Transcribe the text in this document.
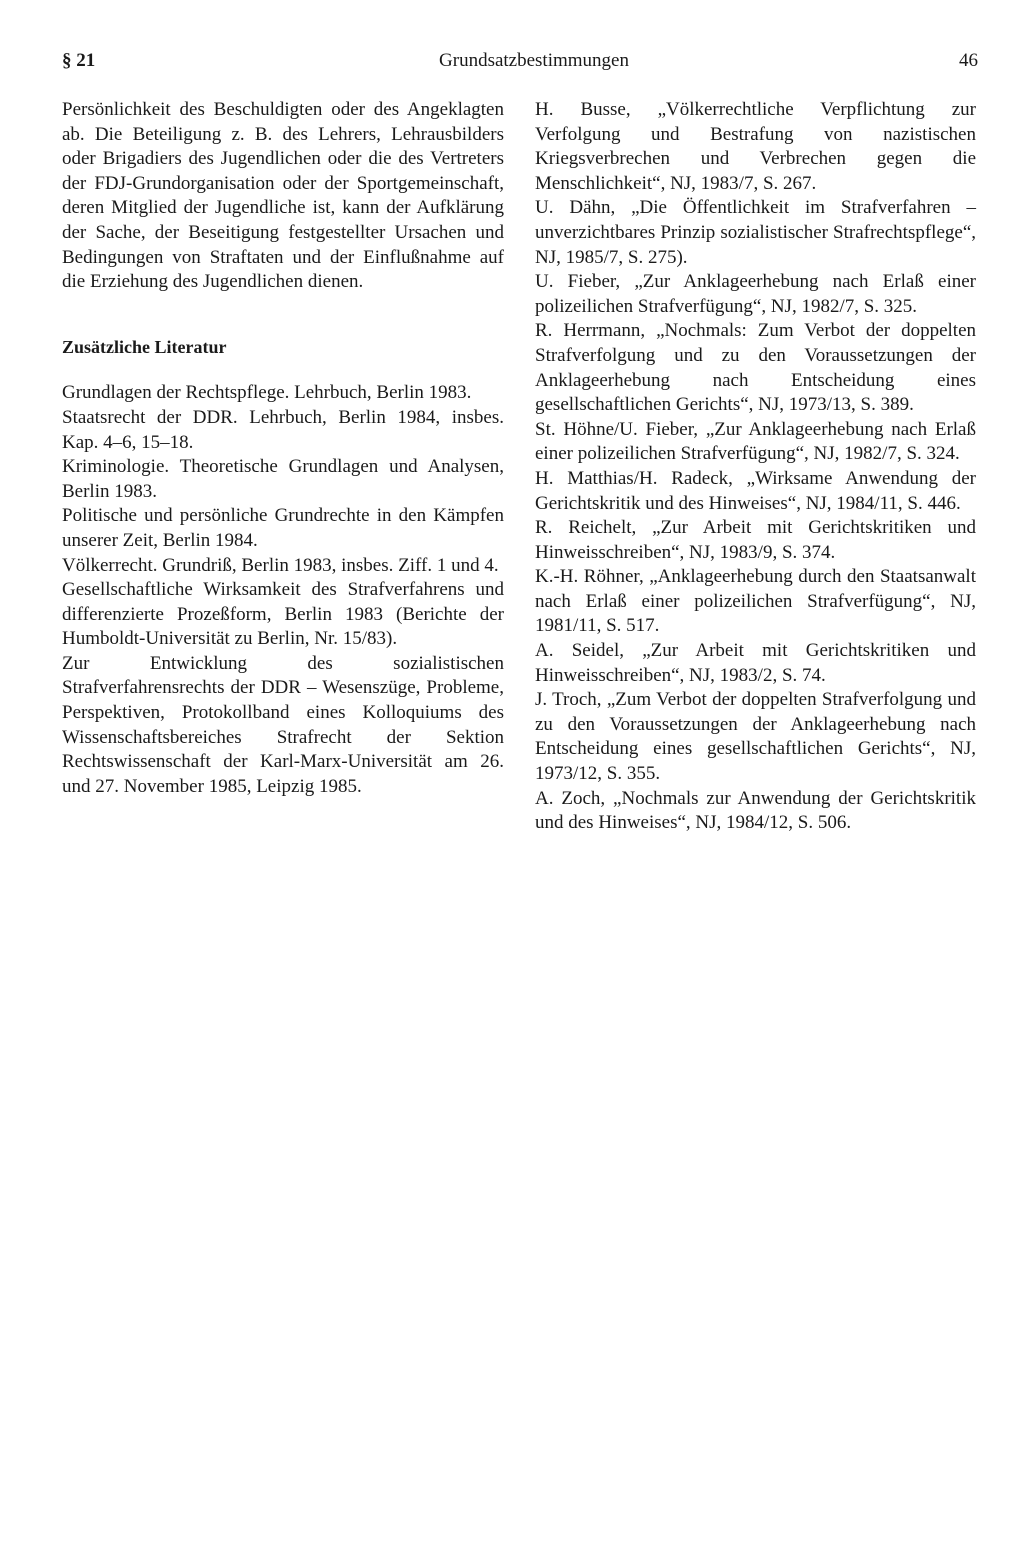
§ 21	Grundsatzbestimmungen	46

Persönlichkeit des Beschuldigten oder des Angeklagten ab. Die Beteiligung z. B. des Lehrers, Lehrausbilders oder Brigadiers des Jugendlichen oder die des Vertreters der FDJ-Grundorganisation oder der Sportgemeinschaft, deren Mitglied der Jugendliche ist, kann der Aufklärung der Sache, der Beseitigung festgestellter Ursachen und Bedingungen von Straftaten und der Einflußnahme auf die Erziehung des Jugendlichen dienen.

Zusätzliche Literatur
Grundlagen der Rechtspflege. Lehrbuch, Berlin 1983.
Staatsrecht der DDR. Lehrbuch, Berlin 1984, insbes. Kap. 4–6, 15–18.
Kriminologie. Theoretische Grundlagen und Analysen, Berlin 1983.
Politische und persönliche Grundrechte in den Kämpfen unserer Zeit, Berlin 1984.
Völkerrecht. Grundriß, Berlin 1983, insbes. Ziff. 1 und 4.
Gesellschaftliche Wirksamkeit des Strafverfahrens und differenzierte Prozeßform, Berlin 1983 (Berichte der Humboldt-Universität zu Berlin, Nr. 15/83).
Zur Entwicklung des sozialistischen Strafverfahrensrechts der DDR – Wesenszüge, Probleme, Perspektiven, Protokollband eines Kolloquiums des Wissenschaftsbereiches Strafrecht der Sektion Rechtswissenschaft der Karl-Marx-Universität am 26. und 27. November 1985, Leipzig 1985.
H. Busse, „Völkerrechtliche Verpflichtung zur Verfolgung und Bestrafung von nazistischen Kriegsverbrechen und Verbrechen gegen die Menschlichkeit“, NJ, 1983/7, S. 267.
U. Dähn, „Die Öffentlichkeit im Strafverfahren – unverzichtbares Prinzip sozialistischer Strafrechtspflege“, NJ, 1985/7, S. 275).
U. Fieber, „Zur Anklageerhebung nach Erlaß einer polizeilichen Strafverfügung“, NJ, 1982/7, S. 325.
R. Herrmann, „Nochmals: Zum Verbot der doppelten Strafverfolgung und zu den Voraussetzungen der Anklageerhebung nach Entscheidung eines gesellschaftlichen Gerichts“, NJ, 1973/13, S. 389.
St. Höhne/U. Fieber, „Zur Anklageerhebung nach Erlaß einer polizeilichen Strafverfügung“, NJ, 1982/7, S. 324.
H. Matthias/H. Radeck, „Wirksame Anwendung der Gerichtskritik und des Hinweises“, NJ, 1984/11, S. 446.
R. Reichelt, „Zur Arbeit mit Gerichtskritiken und Hinweisschreiben“, NJ, 1983/9, S. 374.
K.-H. Röhner, „Anklageerhebung durch den Staatsanwalt nach Erlaß einer polizeilichen Strafverfügung“, NJ, 1981/11, S. 517.
A. Seidel, „Zur Arbeit mit Gerichtskritiken und Hinweisschreiben“, NJ, 1983/2, S. 74.
J. Troch, „Zum Verbot der doppelten Strafverfolgung und zu den Voraussetzungen der Anklageerhebung nach Entscheidung eines gesellschaftlichen Gerichts“, NJ, 1973/12, S. 355.
A. Zoch, „Nochmals zur Anwendung der Gerichtskritik und des Hinweises“, NJ, 1984/12, S. 506.
